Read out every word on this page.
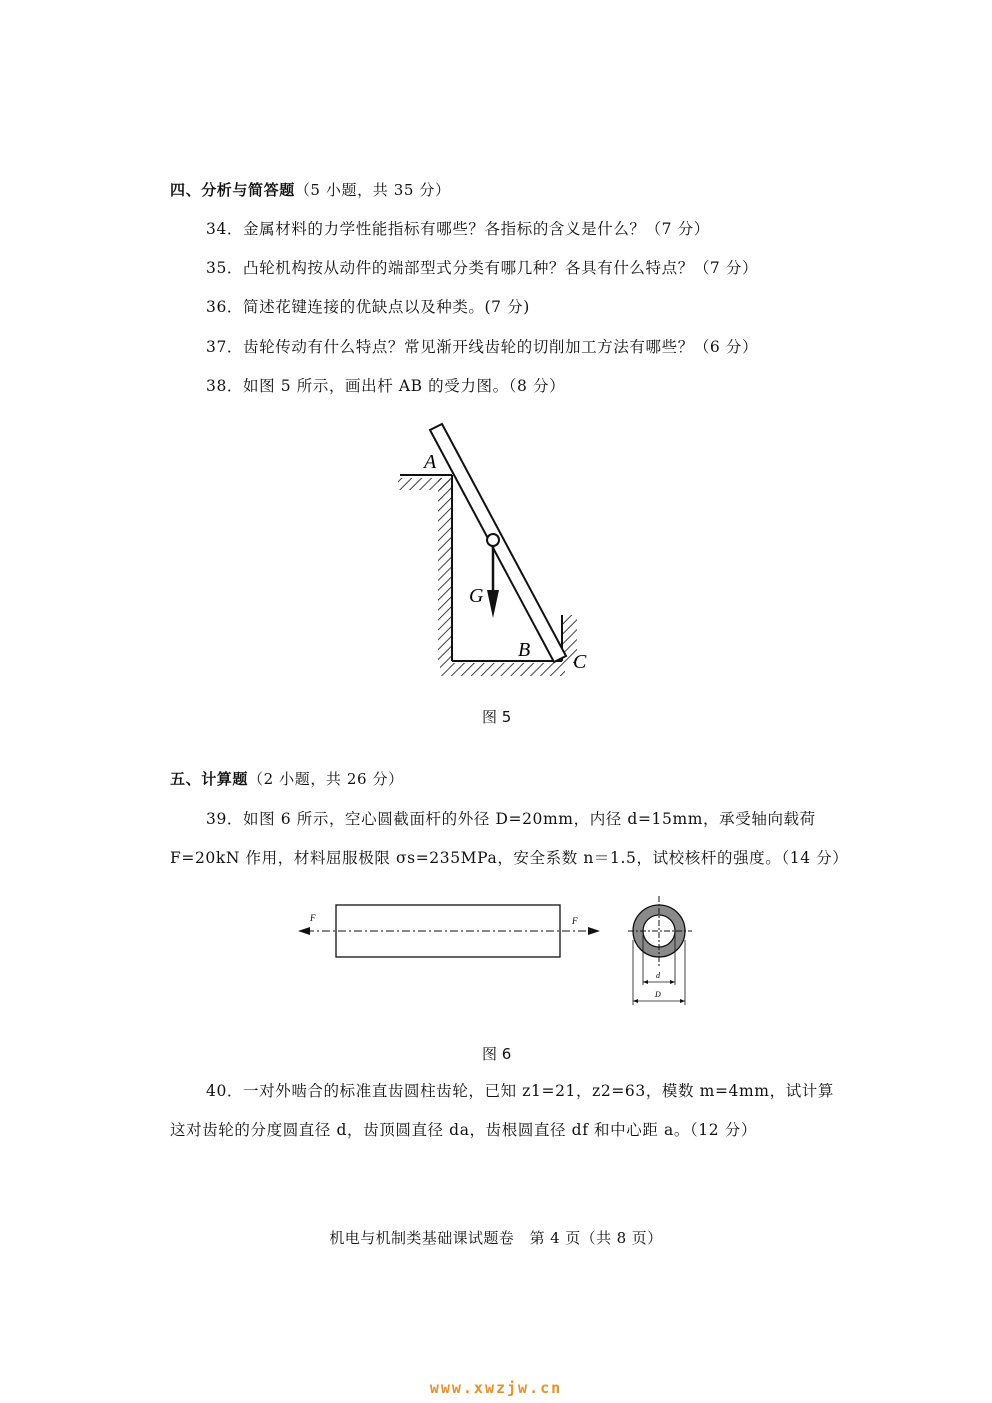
四、分析与简答题（5 小题，共 35 分）
34．金属材料的力学性能指标有哪些？各指标的含义是什么？（7 分）
35．凸轮机构按从动件的端部型式分类有哪几种？各具有什么特点？（7 分）
36．简述花键连接的优缺点以及种类。(7 分)
37．齿轮传动有什么特点？常见渐开线齿轮的切削加工方法有哪些？（6 分）
38．如图 5 所示，画出杆 AB 的受力图。（8 分）
A
G
B
C
图 5
五、计算题（2 小题，共 26 分）
39．如图 6 所示，空心圆截面杆的外径 D=20mm，内径 d=15mm，承受轴向载荷
F=20kN 作用，材料屈服极限 σs=235MPa，安全系数 n＝1.5，试校核杆的强度。（14 分）
F	F
d
D
图 6
40．一对外啮合的标准直齿圆柱齿轮，已知 z1=21，z2=63，模数 m=4mm，试计算
这对齿轮的分度圆直径 d，齿顶圆直径 da，齿根圆直径 df 和中心距 a。（12 分）
机电与机制类基础课试题卷　第 4 页（共 8 页）
www.xwzjw.cn
